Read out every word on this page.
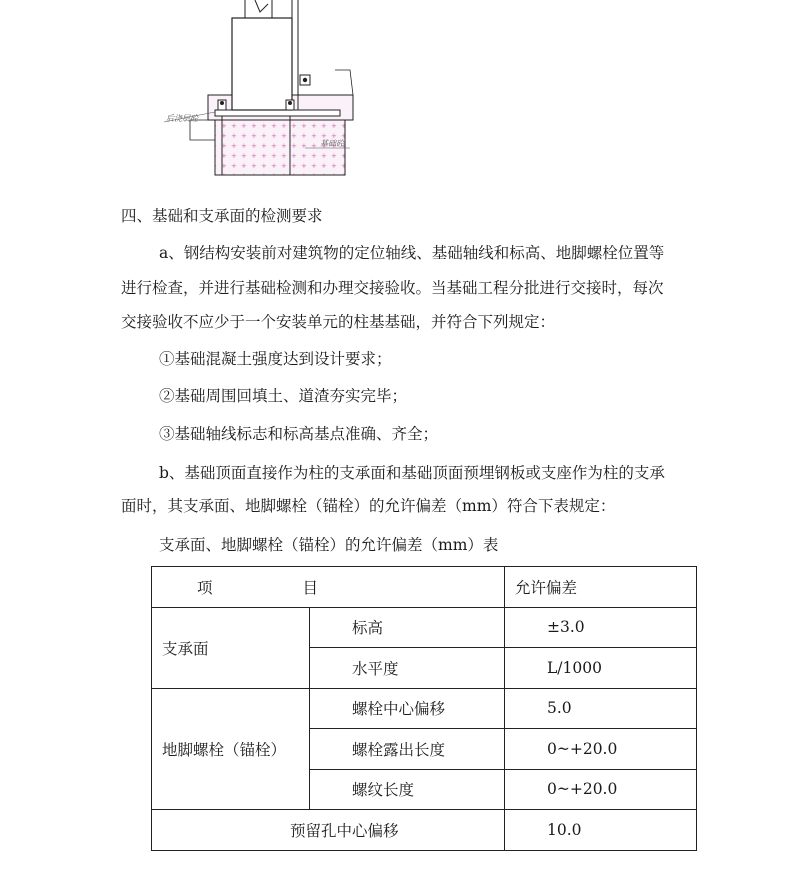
后浇层砼
基础砼
四、基础和支承面的检测要求
a、钢结构安装前对建筑物的定位轴线、基础轴线和标高、地脚螺栓位置等
进行检查，并进行基础检测和办理交接验收。当基础工程分批进行交接时，每次
交接验收不应少于一个安装单元的柱基基础，并符合下列规定：
①基础混凝土强度达到设计要求；
②基础周围回填土、道渣夯实完毕；
③基础轴线标志和标高基点准确、齐全；
b、基础顶面直接作为柱的支承面和基础顶面预埋钢板或支座作为柱的支承
面时，其支承面、地脚螺栓（锚栓）的允许偏差（mm）符合下表规定：
支承面、地脚螺栓（锚栓）的允许偏差（mm）表
项 目		允许偏差
支承面	标高	±3.0
	水平度	L/1000
地脚螺栓（锚栓）	螺栓中心偏移	5.0
	螺栓露出长度	0~+20.0
	螺纹长度	0~+20.0
预留孔中心偏移		10.0
